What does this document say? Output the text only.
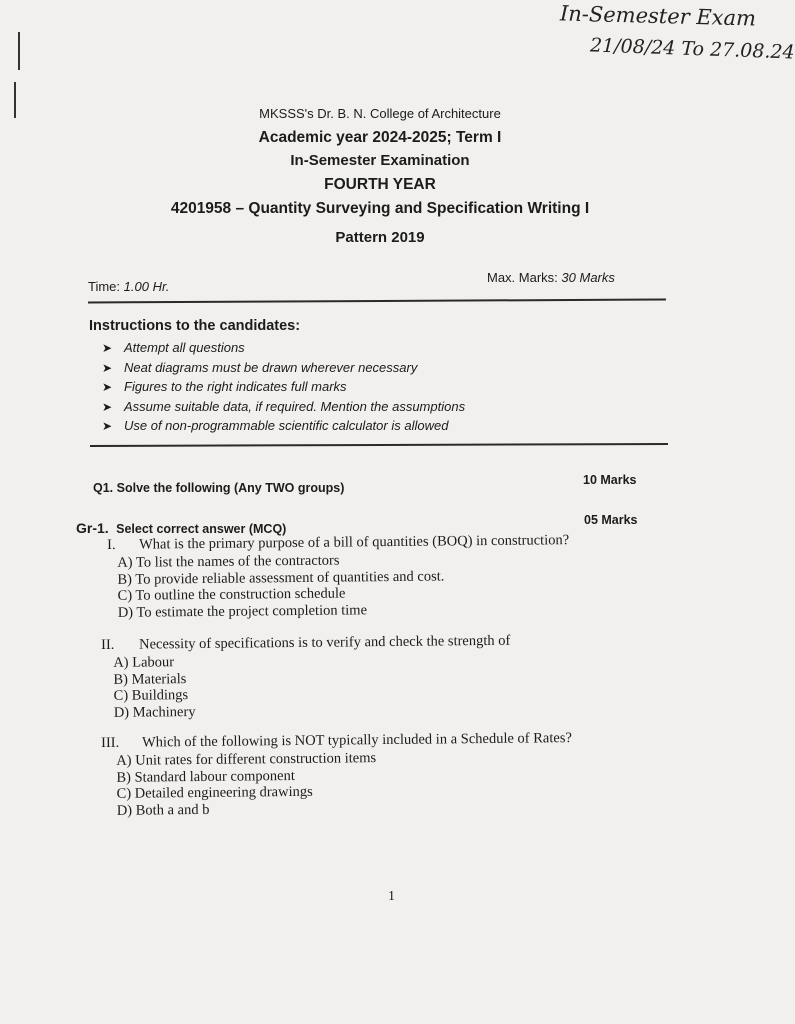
In-Semester Exam
21/08/24 To 27.08.24
MKSSS's Dr. B. N. College of Architecture
Academic year 2024-2025; Term I
In-Semester Examination
FOURTH YEAR
4201958 – Quantity Surveying and Specification Writing I
Pattern 2019
Time: 1.00 Hr.
Max. Marks: 30 Marks
Instructions to the candidates:
➤ Attempt all questions
➤ Neat diagrams must be drawn wherever necessary
➤ Figures to the right indicates full marks
➤ Assume suitable data, if required. Mention the assumptions
➤ Use of non-programmable scientific calculator is allowed
Q1. Solve the following (Any TWO groups)
10 Marks
Gr-1. Select correct answer (MCQ)
05 Marks
I. What is the primary purpose of a bill of quantities (BOQ) in construction?
A) To list the names of the contractors
B) To provide reliable assessment of quantities and cost.
C) To outline the construction schedule
D) To estimate the project completion time
II. Necessity of specifications is to verify and check the strength of
A) Labour
B) Materials
C) Buildings
D) Machinery
III. Which of the following is NOT typically included in a Schedule of Rates?
A) Unit rates for different construction items
B) Standard labour component
C) Detailed engineering drawings
D) Both a and b
1
